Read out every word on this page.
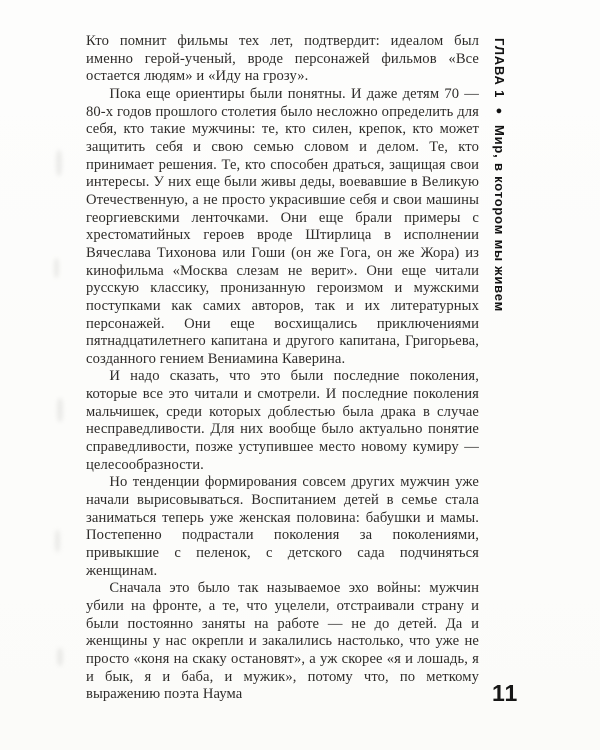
Кто помнит фильмы тех лет, подтвердит: идеалом был именно герой-ученый, вроде персонажей фильмов «Все остается людям» и «Иду на грозу».

Пока еще ориентиры были понятны. И даже детям 70 — 80-х годов прошлого столетия было несложно определить для себя, кто такие мужчины: те, кто силен, крепок, кто может защитить себя и свою семью словом и делом. Те, кто принимает решения. Те, кто способен драться, защищая свои интересы. У них еще были живы деды, воевавшие в Великую Отечественную, а не просто украсившие себя и свои машины георгиевскими ленточками. Они еще брали примеры с хрестоматийных героев вроде Штирлица в исполнении Вячеслава Тихонова или Гоши (он же Гога, он же Жора) из кинофильма «Москва слезам не верит». Они еще читали русскую классику, пронизанную героизмом и мужскими поступками как самих авторов, так и их литературных персонажей. Они еще восхищались приключениями пятнадцатилетнего капитана и другого капитана, Григорьева, созданного гением Вениамина Каверина.

И надо сказать, что это были последние поколения, которые все это читали и смотрели. И последние поколения мальчишек, среди которых доблестью была драка в случае несправедливости. Для них вообще было актуально понятие справедливости, позже уступившее место новому кумиру — целесообразности.

Но тенденции формирования совсем других мужчин уже начали вырисовываться. Воспитанием детей в семье стала заниматься теперь уже женская половина: бабушки и мамы. Постепенно подрастали поколения за поколениями, привыкшие с пеленок, с детского сада подчиняться женщинам.

Сначала это было так называемое эхо войны: мужчин убили на фронте, а те, что уцелели, отстраивали страну и были постоянно заняты на работе — не до детей. Да и женщины у нас окрепли и закалились настолько, что уже не просто «коня на скаку остановят», а уж скорее «я и лошадь, я и бык, я и баба, и мужик», потому что, по меткому выражению поэта Наума

ГЛАВА 1●Мир, в котором мы живем
11
